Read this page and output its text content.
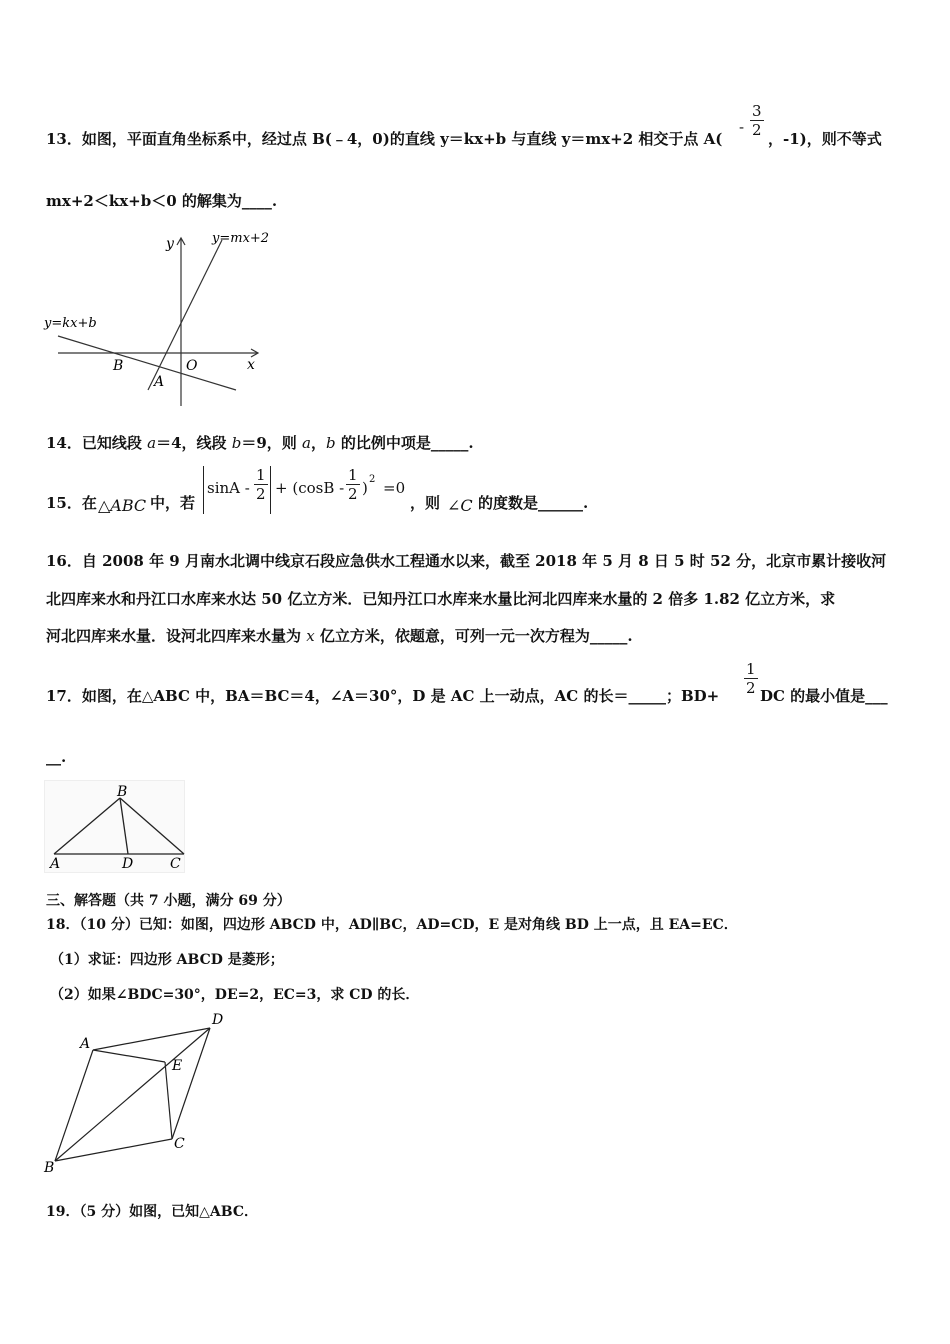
13．如图，平面直角坐标系中，经过点 B(﹣4，0)的直线 y＝kx+b 与直线 y＝mx+2 相交于点 A(
- $\frac{3}{2}$ ，-1)，则不等式
mx+2＜kx+b＜0 的解集为____.
y
x
O
B
A
y=mx+2
y=kx+b
14．已知线段 a＝4，线段 b＝9，则 a，b 的比例中项是_____.
15．在 △ABC 中，若
$\sin A - \frac{1}{2} + (\cos B - \frac{1}{2}$ ) 2 =0
，则 ∠C 的度数是______.
16．自 2008 年 9 月南水北调中线京石段应急供水工程通水以来，截至 2018 年 5 月 8 日 5 时 52 分，北京市累计接收河
北四库来水和丹江口水库来水达 50 亿立方米．已知丹江口水库来水量比河北四库来水量的 2 倍多 1.82 亿立方米，求
河北四库来水量．设河北四库来水量为 x 亿立方米，依题意，可列一元一次方程为_____.
17．如图，在△ABC 中，BA＝BC＝4，∠A＝30°，D 是 AC 上一动点，AC 的长＝_____；$BD+ \frac{1}{2}$ DC 的最小值是___
__.
B
A	D	C
三、解答题（共 7 小题，满分 69 分）
18．（10 分）已知：如图，四边形 ABCD 中，AD∥BC，AD=CD，E 是对角线 BD 上一点，且 EA=EC．
（1）求证：四边形 ABCD 是菱形；
（2）如果∠BDC=30°，DE=2，EC=3，求 CD 的长．
A
B
C
D
E
19．（5 分）如图，已知△ABC．
